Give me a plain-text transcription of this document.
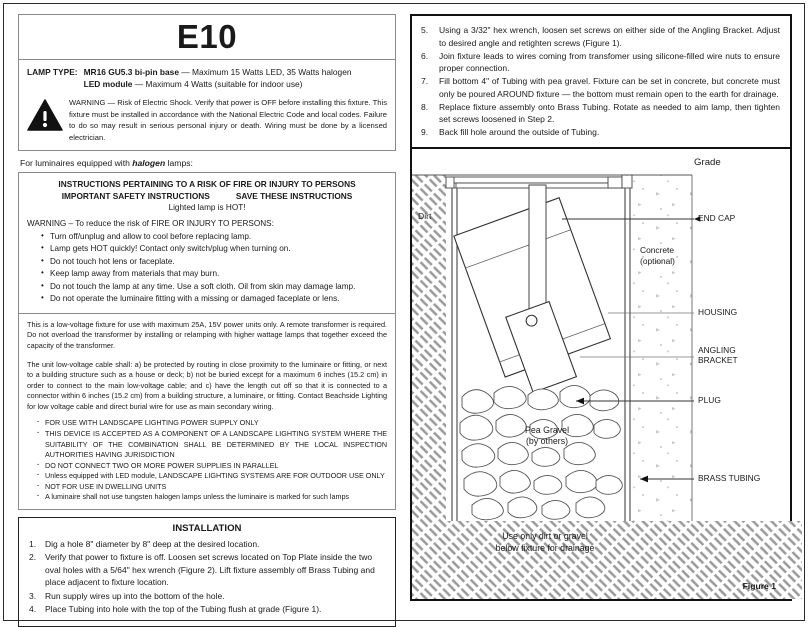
E10
LAMP TYPE: MR16 GU5.3 bi-pin base — Maximum 15 Watts LED, 35 Watts halogen
LED module — Maximum 4 Watts (suitable for indoor use)
WARNING — Risk of Electric Shock. Verify that power is OFF before installing this fixture. This fixture must be installed in accordance with the National Electric Code and local codes. Failure to do so may result in serious personal injury or death. Wiring must be done by a licensed electrician.
For luminaires equipped with halogen lamps:
INSTRUCTIONS PERTAINING TO A RISK OF FIRE OR INJURY TO PERSONS
IMPORTANT SAFETY INSTRUCTIONS	SAVE THESE INSTRUCTIONS
Lighted lamp is HOT!
WARNING – To reduce the risk of FIRE OR INJURY TO PERSONS:
• Turn off/unplug and allow to cool before replacing lamp.
• Lamp gets HOT quickly! Contact only switch/plug when turning on.
• Do not touch hot lens or faceplate.
• Keep lamp away from materials that may burn.
• Do not touch the lamp at any time. Use a soft cloth. Oil from skin may damage lamp.
• Do not operate the luminaire fitting with a missing or damaged faceplate or lens.

This is a low-voltage fixture for use with maximum 25A, 15V power units only. A remote transformer is required. Do not overload the transformer by installing or relamping with higher wattage lamps that together exceed the capacity of the transformer.

The unit low-voltage cable shall: a) be protected by routing in close proximity to the luminaire or fitting, or next to a building structure such as a house or deck; b) not be buried except for a maximum 6 inches (15.2 cm) in order to connect to the main low-voltage cable; and c) have the length cut off so that it is connected to a connector within 6 inches (15.2 cm) from a building structure, a luminaire, or fitting. Contact Beachside Lighting for low voltage cable and direct burial wire for use as main secondary wiring.

· FOR USE WITH LANDSCAPE LIGHTING POWER SUPPLY ONLY
· THIS DEVICE IS ACCEPTED AS A COMPONENT OF A LANDSCAPE LIGHTING SYSTEM WHERE THE SUITABILITY OF THE COMBINATION SHALL BE DETERMINED BY THE LOCAL INSPECTION AUTHORITIES HAVING JURISDICTION
· DO NOT CONNECT TWO OR MORE POWER SUPPLIES IN PARALLEL
· Unless equipped with LED module, LANDSCAPE LIGHTING SYSTEMS ARE FOR OUTDOOR USE ONLY
· NOT FOR USE IN DWELLING UNITS
· A luminaire shall not use tungsten halogen lamps unless the luminaire is marked for such lamps
INSTALLATION
Dig a hole 8" diameter by 8" deep at the desired location.
Verify that power to fixture is off. Loosen set screws located on Top Plate inside the two oval holes with a 5/64" hex wrench (Figure 2). Lift fixture assembly off Brass Tubing and place adjacent to fixture location.
Run supply wires up into the bottom of the hole.
Place Tubing into hole with the top of the Tubing flush at grade (Figure 1).
Using a 3/32" hex wrench, loosen set screws on either side of the Angling Bracket. Adjust to desired angle and retighten screws (Figure 1).
Join fixture leads to wires coming from transfomer using silicone-filled wire nuts to ensure proper connection.
Fill bottom 4" of Tubing with pea gravel. Fixture can be set in concrete, but concrete must only be poured AROUND fixture — the bottom must remain open to the earth for drainage.
Replace fixture assembly onto Brass Tubing. Rotate as needed to aim lamp, then tighten set screws loosened in Step 2.
Back fill hole around the outside of Tubing.
Grade
Dirt
Concrete
(optional)
END CAP
HOUSING
ANGLING BRACKET
PLUG
BRASS TUBING
Pea Gravel
(by others)
Use only dirt or gravel
below fixture for drainage
Figure 1
